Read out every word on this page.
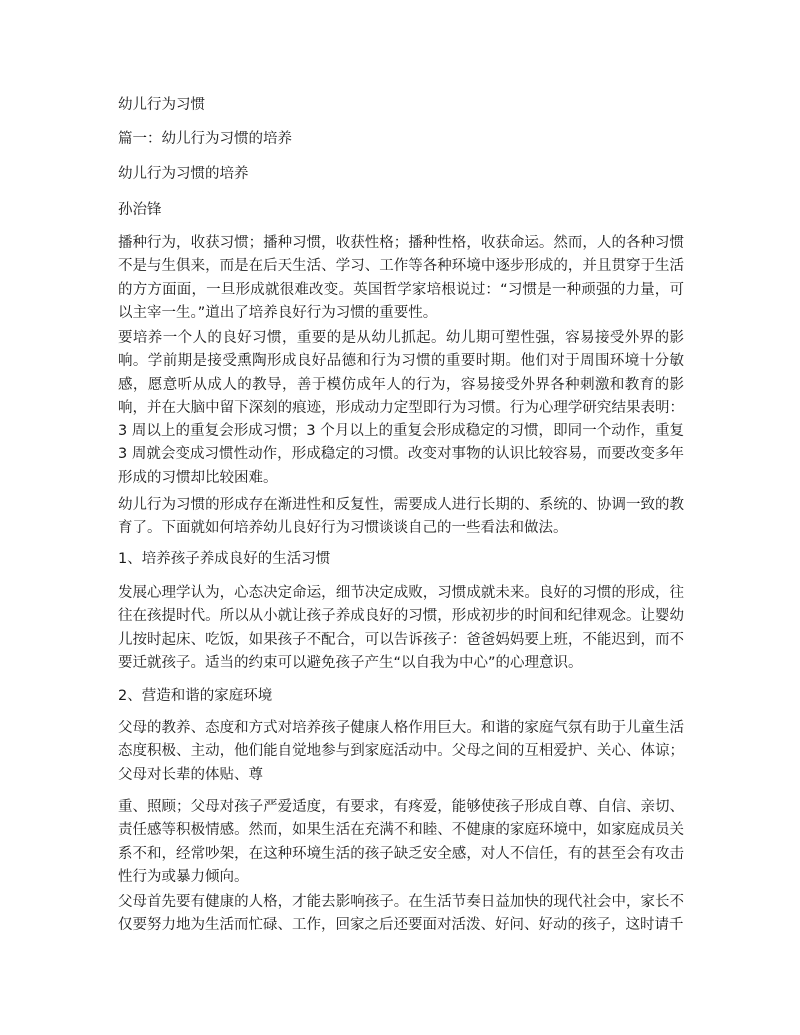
幼儿行为习惯

篇一：幼儿行为习惯的培养

幼儿行为习惯的培养

孙治锋

播种行为，收获习惯；播种习惯，收获性格；播种性格，收获命运。然而，人的各种习惯不是与生俱来，而是在后天生活、学习、工作等各种环境中逐步形成的，并且贯穿于生活的方方面面，一旦形成就很难改变。英国哲学家培根说过：“习惯是一种顽强的力量，可以主宰一生。”道出了培养良好行为习惯的重要性。

要培养一个人的良好习惯，重要的是从幼儿抓起。幼儿期可塑性强，容易接受外界的影响。学前期是接受熏陶形成良好品德和行为习惯的重要时期。他们对于周围环境十分敏感，愿意听从成人的教导，善于模仿成年人的行为，容易接受外界各种刺激和教育的影响，并在大脑中留下深刻的痕迹，形成动力定型即行为习惯。行为心理学研究结果表明：3 周以上的重复会形成习惯；3 个月以上的重复会形成稳定的习惯，即同一个动作，重复 3 周就会变成习惯性动作，形成稳定的习惯。改变对事物的认识比较容易，而要改变多年形成的习惯却比较困难。

幼儿行为习惯的形成存在渐进性和反复性，需要成人进行长期的、系统的、协调一致的教育了。下面就如何培养幼儿良好行为习惯谈谈自己的一些看法和做法。

1、培养孩子养成良好的生活习惯

发展心理学认为，心态决定命运，细节决定成败，习惯成就未来。良好的习惯的形成，往往在孩提时代。所以从小就让孩子养成良好的习惯，形成初步的时间和纪律观念。让婴幼儿按时起床、吃饭，如果孩子不配合，可以告诉孩子：爸爸妈妈要上班，不能迟到，而不要迁就孩子。适当的约束可以避免孩子产生“以自我为中心”的心理意识。

2、营造和谐的家庭环境

父母的教养、态度和方式对培养孩子健康人格作用巨大。和谐的家庭气氛有助于儿童生活态度积极、主动，他们能自觉地参与到家庭活动中。父母之间的互相爱护、关心、体谅；父母对长辈的体贴、尊

重、照顾；父母对孩子严爱适度，有要求，有疼爱，能够使孩子形成自尊、自信、亲切、责任感等积极情感。然而，如果生活在充满不和睦、不健康的家庭环境中，如家庭成员关系不和，经常吵架，在这种环境生活的孩子缺乏安全感，对人不信任，有的甚至会有攻击性行为或暴力倾向。

父母首先要有健康的人格，才能去影响孩子。在生活节奏日益加快的现代社会中，家长不仅要努力地为生活而忙碌、工作，回家之后还要面对活泼、好问、好动的孩子，这时请千
